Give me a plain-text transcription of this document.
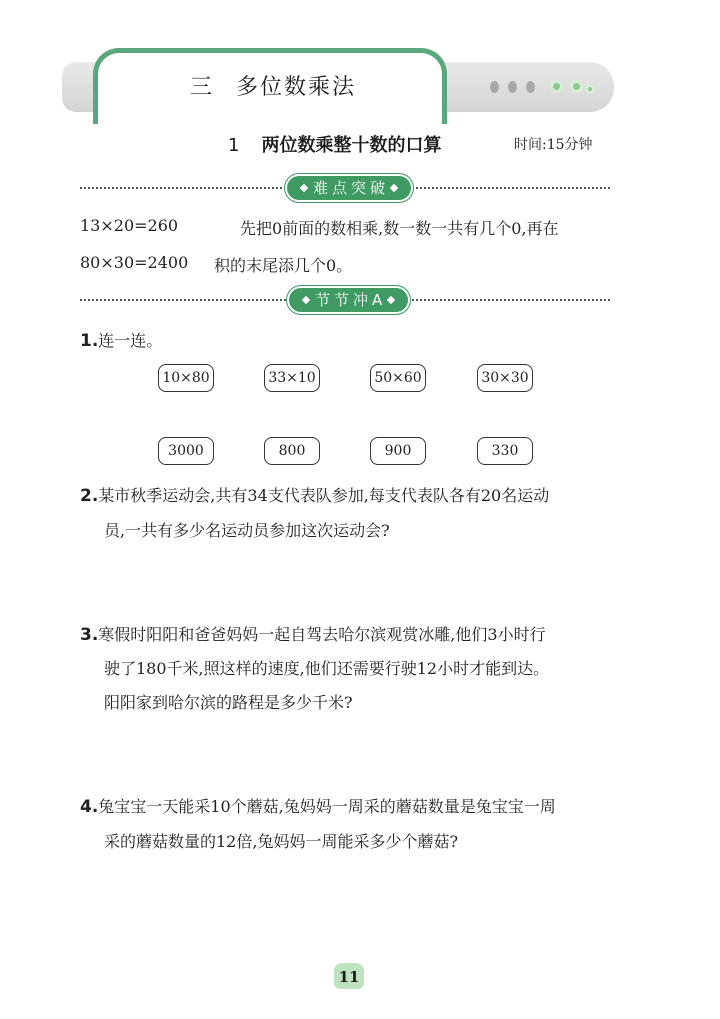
三 多位数乘法
1 两位数乘整十数的口算	时间:15分钟
难点突破
13×20=260
80×30=2400
先把0前面的数相乘,数一数一共有几个0,再在
积的末尾添几个0。
节节冲A
1.连一连。
10×80	33×10	50×60	30×30
3000	800	900	330
2.某市秋季运动会,共有34支代表队参加,每支代表队各有20名运动
员,一共有多少名运动员参加这次运动会?
3.寒假时阳阳和爸爸妈妈一起自驾去哈尔滨观赏冰雕,他们3小时行
驶了180千米,照这样的速度,他们还需要行驶12小时才能到达。
阳阳家到哈尔滨的路程是多少千米?
4.兔宝宝一天能采10个蘑菇,兔妈妈一周采的蘑菇数量是兔宝宝一周
采的蘑菇数量的12倍,兔妈妈一周能采多少个蘑菇?
11
